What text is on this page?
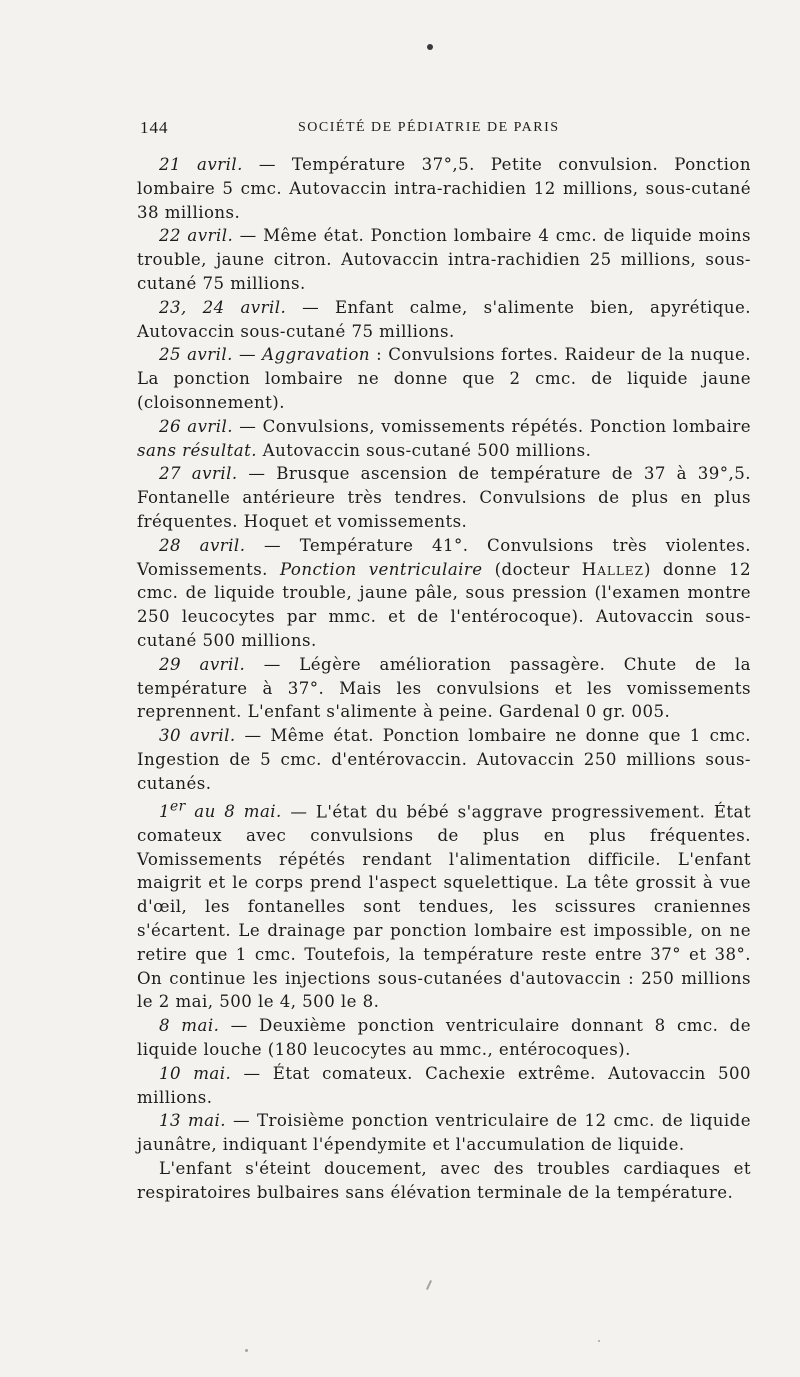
144	SOCIÉTÉ DE PÉDIATRIE DE PARIS

21 avril. — Température 37°,5. Petite convulsion. Ponction lombaire 5 cmc. Autovaccin intra-rachidien 12 millions, sous-cutané 38 millions.

22 avril. — Même état. Ponction lombaire 4 cmc. de liquide moins trouble, jaune citron. Autovaccin intra-rachidien 25 millions, sous-cutané 75 millions.

23, 24 avril. — Enfant calme, s'alimente bien, apyrétique. Autovaccin sous-cutané 75 millions.

25 avril. — Aggravation : Convulsions fortes. Raideur de la nuque. La ponction lombaire ne donne que 2 cmc. de liquide jaune (cloisonnement).

26 avril. — Convulsions, vomissements répétés. Ponction lombaire sans résultat. Autovaccin sous-cutané 500 millions.

27 avril. — Brusque ascension de température de 37 à 39°,5. Fontanelle antérieure très tendres. Convulsions de plus en plus fréquentes. Hoquet et vomissements.

28 avril. — Température 41°. Convulsions très violentes. Vomissements. Ponction ventriculaire (docteur Hallez) donne 12 cmc. de liquide trouble, jaune pâle, sous pression (l'examen montre 250 leucocytes par mmc. et de l'entérocoque). Autovaccin sous-cutané 500 millions.

29 avril. — Légère amélioration passagère. Chute de la température à 37°. Mais les convulsions et les vomissements reprennent. L'enfant s'alimente à peine. Gardenal 0 gr. 005.

30 avril. — Même état. Ponction lombaire ne donne que 1 cmc. Ingestion de 5 cmc. d'entérovaccin. Autovaccin 250 millions sous-cutanés.

1er au 8 mai. — L'état du bébé s'aggrave progressivement. État comateux avec convulsions de plus en plus fréquentes. Vomissements répétés rendant l'alimentation difficile. L'enfant maigrit et le corps prend l'aspect squelettique. La tête grossit à vue d'œil, les fontanelles sont tendues, les scissures craniennes s'écartent. Le drainage par ponction lombaire est impossible, on ne retire que 1 cmc. Toutefois, la température reste entre 37° et 38°. On continue les injections sous-cutanées d'autovaccin : 250 millions le 2 mai, 500 le 4, 500 le 8.

8 mai. — Deuxième ponction ventriculaire donnant 8 cmc. de liquide louche (180 leucocytes au mmc., entérocoques).

10 mai. — État comateux. Cachexie extrême. Autovaccin 500 millions.

13 mai. — Troisième ponction ventriculaire de 12 cmc. de liquide jaunâtre, indiquant l'épendymite et l'accumulation de liquide.

L'enfant s'éteint doucement, avec des troubles cardiaques et respiratoires bulbaires sans élévation terminale de la température.
